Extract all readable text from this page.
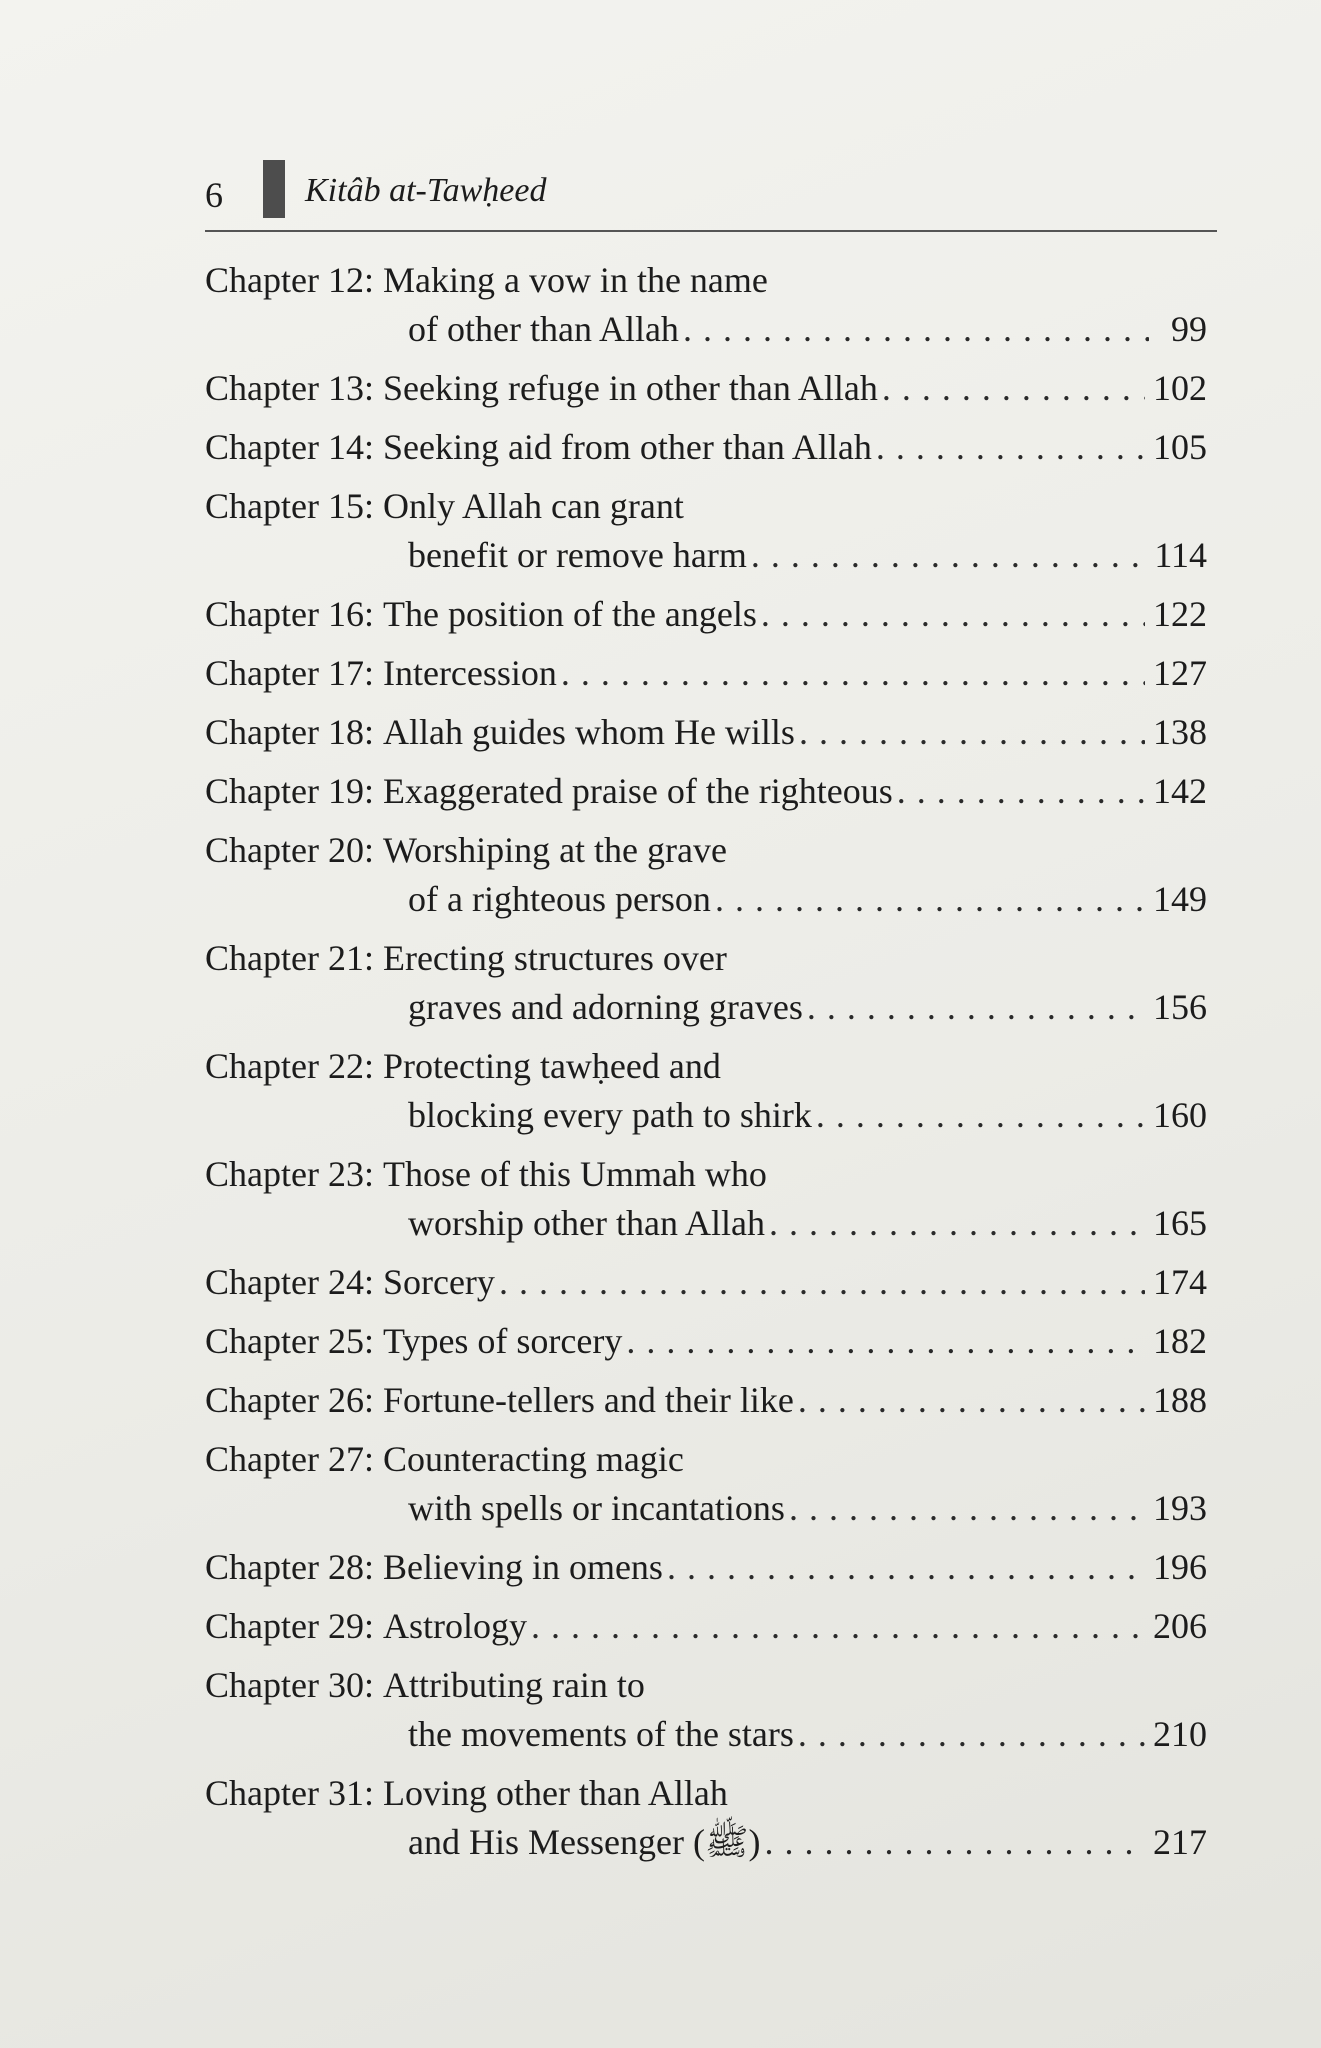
6 Kitâb at-Tawḥeed
Chapter 12:
Making a vow in the name
of other than Allah . . .	99
Chapter 13:
Seeking refuge in other than Allah . . .	102
Chapter 14:
Seeking aid from other than Allah . . .	105
Chapter 15:
Only Allah can grant
benefit or remove harm . . .	114
Chapter 16:
The position of the angels . . .	122
Chapter 17:
Intercession . . .	127
Chapter 18:
Allah guides whom He wills . . .	138
Chapter 19:
Exaggerated praise of the righteous . . .	142
Chapter 20:
Worshiping at the grave
of a righteous person . . .	149
Chapter 21:
Erecting structures over
graves and adorning graves . . .	156
Chapter 22:
Protecting tawḥeed and
blocking every path to shirk . . .	160
Chapter 23:
Those of this Ummah who
worship other than Allah . . .	165
Chapter 24:
Sorcery . . .	174
Chapter 25:
Types of sorcery . . .	182
Chapter 26:
Fortune-tellers and their like . . .	188
Chapter 27:
Counteracting magic
with spells or incantations . . .	193
Chapter 28:
Believing in omens . . .	196
Chapter 29:
Astrology . . .	206
Chapter 30:
Attributing rain to
the movements of the stars . . .	210
Chapter 31:
Loving other than Allah
and His Messenger (ﷺ) . . .	217
